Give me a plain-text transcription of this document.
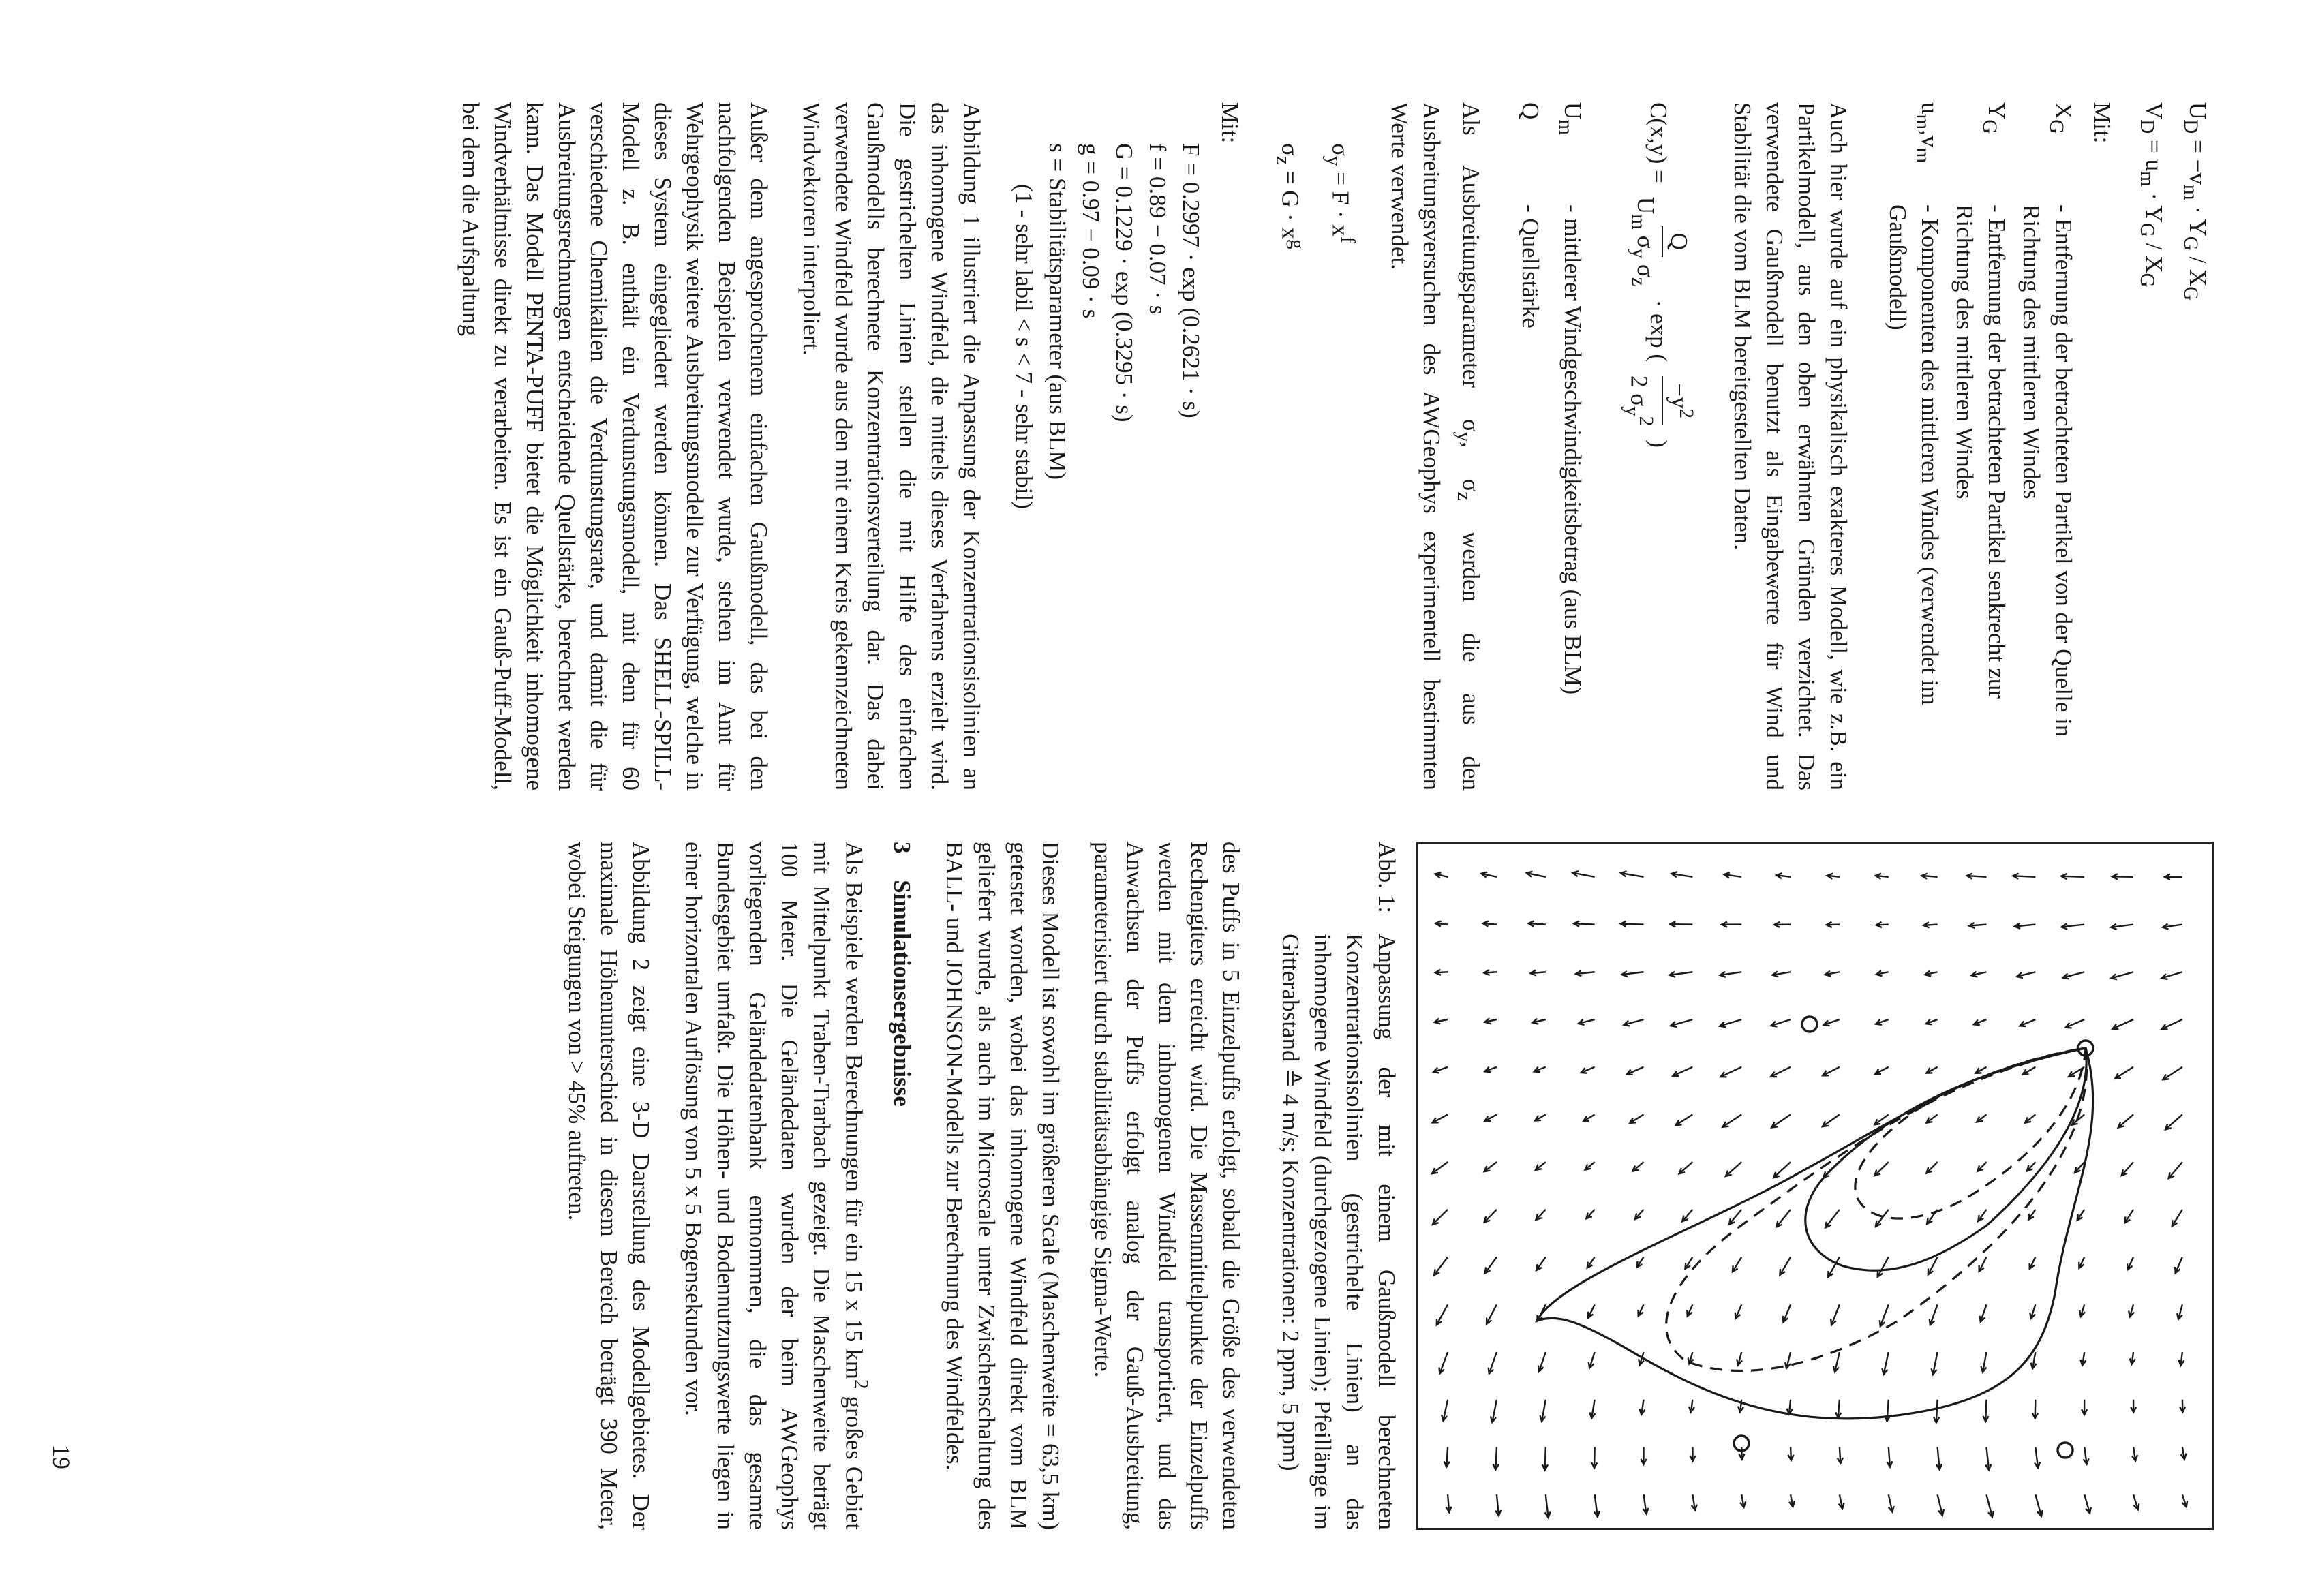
$U_D = -v_m \cdot Y_G / X_G$
$V_D = u_m \cdot Y_G / X_G$
Mit:
$X_G$
- Entfernung der betrachteten Partikel von der Quelle in Richtung des mittleren Windes
$Y_G$
- Entfernung der betrachteten Partikel senkrecht zur Richtung des mittleren Windes
$u_m,v_m$
- Komponenten des mittleren Windes (verwendet im Gaußmodell)

Auch hier wurde auf ein physikalisch exakteres Modell, wie z.B. ein Partikelmodell, aus den oben erwähnten Gründen verzichtet. Das verwendete Gaußmodell benutzt als Eingabewerte für Wind und Stabilität die vom BLM bereitgestellten Daten.

C(x,y) =
Q
$U_m$ $\sigma_y$ $\sigma_z$
· exp (
$-y^2$
2 $\sigma_y^2$
)
$U_m$
- mittlerer Windgeschwindigkeitsbetrag (aus BLM)
Q
- Quellstärke

Als Ausbreitungsparameter $\sigma_y$, $\sigma_z$ werden die aus den Ausbreitungsversuchen des AWGeophys experimentell bestimmten Werte verwendet.

$\sigma_y = F \cdot x^f$
$\sigma_z = G \cdot x^g$
Mit:
F = 0.2997 · exp (0.2621 · s)
f = 0.89 − 0.07 · s
G = 0.1229 · exp (0.3295 · s)
g = 0.97 − 0.09 · s
s = Stabilitätsparameter (aus BLM)
(1 - sehr labil < s < 7 - sehr stabil)

Abbildung 1 illustriert die Anpassung der Konzentrationsisolinien an das inhomogene Windfeld, die mittels dieses Verfahrens erzielt wird. Die gestrichelten Linien stellen die mit Hilfe des einfachen Gaußmodells berechnete Konzentrationsverteilung dar. Das dabei verwendete Windfeld wurde aus den mit einem Kreis gekennzeichneten Windvektoren interpoliert.

Außer dem angesprochenem einfachen Gaußmodell, das bei den nachfolgenden Beispielen verwendet wurde, stehen im Amt für Wehrgeophysik weitere Ausbreitungsmodelle zur Verfügung, welche in dieses System eingegliedert werden können. Das SHELL-SPILL-Modell z. B. enthält ein Verdunstungsmodell, mit dem für 60 verschiedene Chemikalien die Verdunstungsrate, und damit die für Ausbreitungsrechnungen entscheidende Quellstärke, berechnet werden kann. Das Modell PENTA-PUFF bietet die Möglichkeit inhomogene Windverhältnisse direkt zu verarbeiten. Es ist ein Gauß-Puff-Modell, bei dem die Aufspaltung

Abb. 1:
Anpassung der mit einem Gaußmodell berechneten Konzentrationsisolinien (gestrichelte Linien) an das inhomogene Windfeld (durchgezogene Linien); Pfeillänge im Gitterabstand ≙ 4 m/s; Konzentrationen: 2 ppm, 5 ppm)

des Puffs in 5 Einzelpuffs erfolgt, sobald die Größe des verwendeten Rechengiters erreicht wird. Die Massenmittelpunkte der Einzelpuffs werden mit dem inhomogenen Windfeld transportiert, und das Anwachsen der Puffs erfolgt analog der Gauß-Ausbreitung, parameterisiert durch stabilitätsabhängige Sigma-Werte.

Dieses Modell ist sowohl im größeren Scale (Maschenweite = 63,5 km) getestet worden, wobei das inhomogene Windfeld direkt vom BLM geliefert wurde, als auch im Microscale unter Zwischenschaltung des BALL- und JOHNSON-Modells zur Berechnung des Windfeldes.

3 Simulationsergebnisse

Als Beispiele werden Berechnungen für ein 15 x 15 $km^2$ großes Gebiet mit Mittelpunkt Traben-Trarbach gezeigt. Die Maschenweite beträgt 100 Meter. Die Geländedaten wurden der beim AWGeophys vorliegenden Geländedatenbank entnommen, die das gesamte Bundesgebiet umfaßt. Die Höhen- und Bodennutzungswerte liegen in einer horizontalen Auflösung von 5 x 5 Bogensekunden vor.

Abbildung 2 zeigt eine 3-D Darstellung des Modellgebietes. Der maximale Höhenunterschied in diesem Bereich beträgt 390 Meter, wobei Steigungen von > 45% auftreten.

19
